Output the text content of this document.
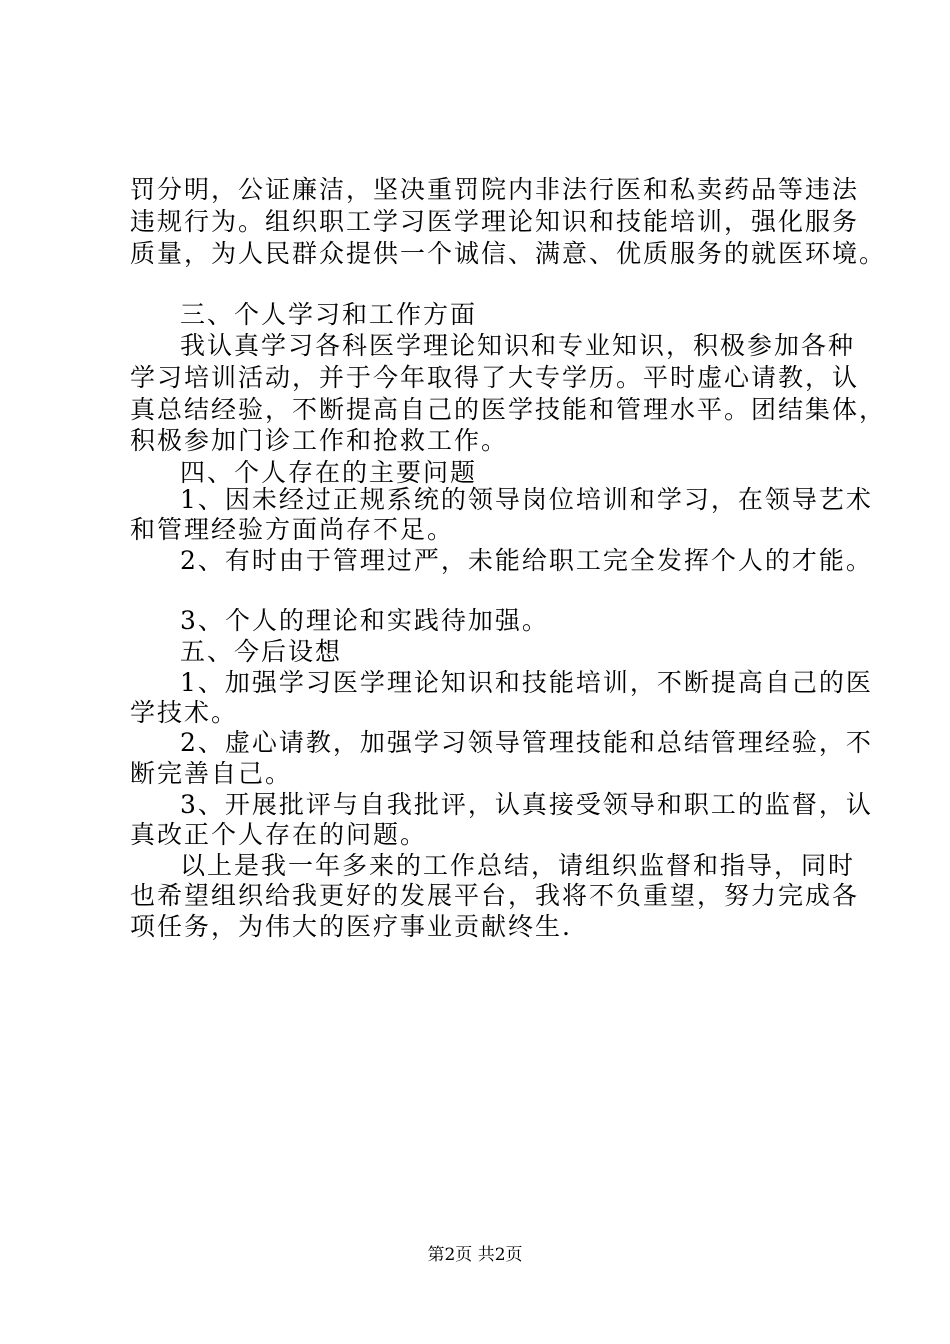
罚分明，公证廉洁，坚决重罚院内非法行医和私卖药品等违法
违规行为。组织职工学习医学理论知识和技能培训，强化服务
质量，为人民群众提供一个诚信、满意、优质服务的就医环境。
三、个人学习和工作方面
我认真学习各科医学理论知识和专业知识，积极参加各种
学习培训活动，并于今年取得了大专学历。平时虚心请教，认
真总结经验，不断提高自己的医学技能和管理水平。团结集体，
积极参加门诊工作和抢救工作。
四、个人存在的主要问题
1、因未经过正规系统的领导岗位培训和学习，在领导艺术
和管理经验方面尚存不足。
2、有时由于管理过严，未能给职工完全发挥个人的才能。
3、个人的理论和实践待加强。
五、今后设想
1、加强学习医学理论知识和技能培训，不断提高自己的医
学技术。
2、虚心请教，加强学习领导管理技能和总结管理经验，不
断完善自己。
3、开展批评与自我批评，认真接受领导和职工的监督，认
真改正个人存在的问题。
以上是我一年多来的工作总结，请组织监督和指导，同时
也希望组织给我更好的发展平台，我将不负重望，努力完成各
项任务，为伟大的医疗事业贡献终生.
第2页 共2页
